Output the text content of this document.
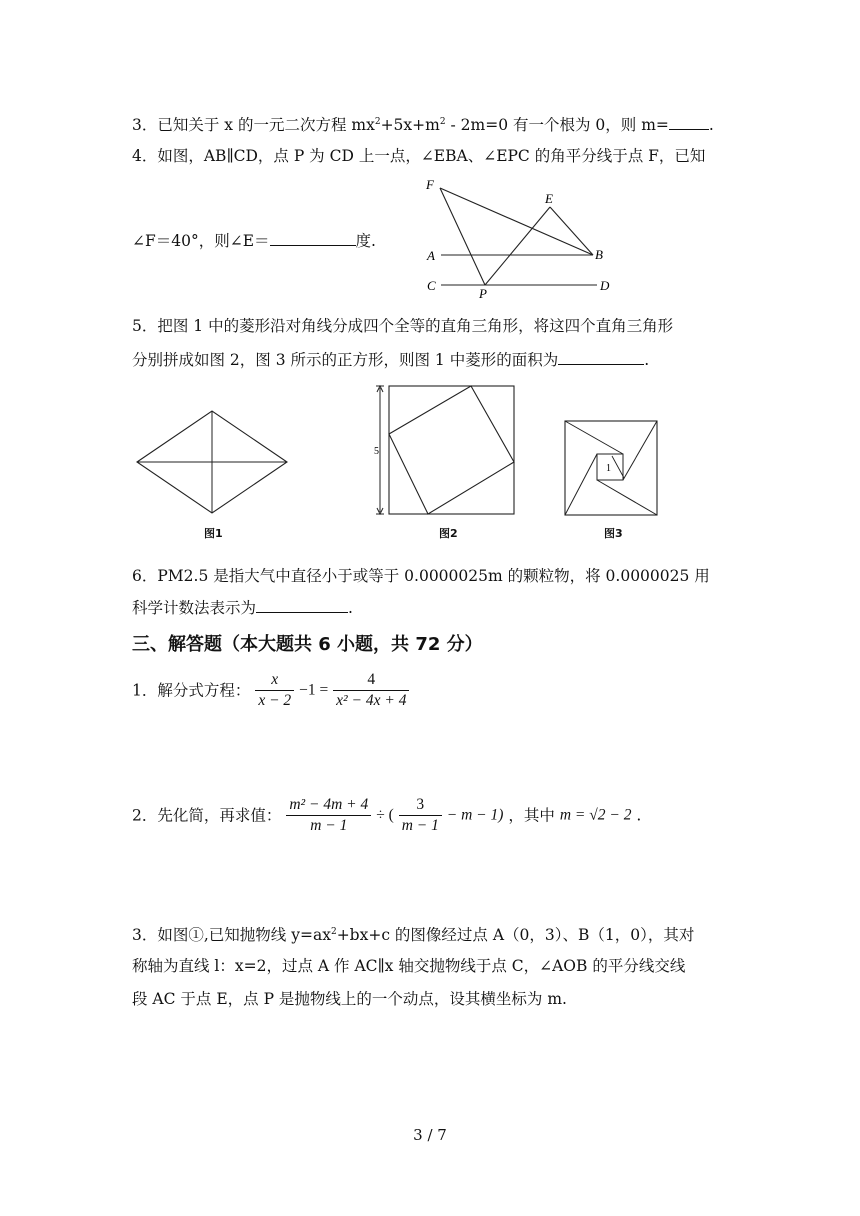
3．已知关于 x 的一元二次方程 $mx^2+5x+m^2 - 2m=0$ 有一个根为 0，则 m=	.
4．如图，AB∥CD，点 P 为 CD 上一点，∠EBA、∠EPC 的角平分线于点 F，已知
∠F＝40°，则∠E＝	度.
F
E
A	B
C	D
P
5．把图 1 中的菱形沿对角线分成四个全等的直角三角形，将这四个直角三角形
分别拼成如图 2，图 3 所示的正方形，则图 1 中菱形的面积为	.
图1
5
图2
1
图3
6．PM2.5 是指大气中直径小于或等于 0.0000025m 的颗粒物，将 0.0000025 用
科学计数法表示为	.
三、解答题（本大题共 6 小题，共 72 分）
1．解分式方程： $\frac{x}{x - 2} -1 = \frac{4}{\text{x² − 4x + 4}}$
2．先化简，再求值： $\frac{\text{m² − 4m + 4}}{m - 1}$ ÷ ( $\frac{3}{m - 1} - m - 1$) ，其中 m = √2 − 2 .
3．如图①,已知抛物线 $y=ax^2+bx+c$ 的图像经过点 A（0，3）、B（1，0），其对
称轴为直线 l：x=2，过点 A 作 AC∥x 轴交抛物线于点 C，∠AOB 的平分线交线
段 AC 于点 E，点 P 是抛物线上的一个动点，设其横坐标为 m.
3 / 7
